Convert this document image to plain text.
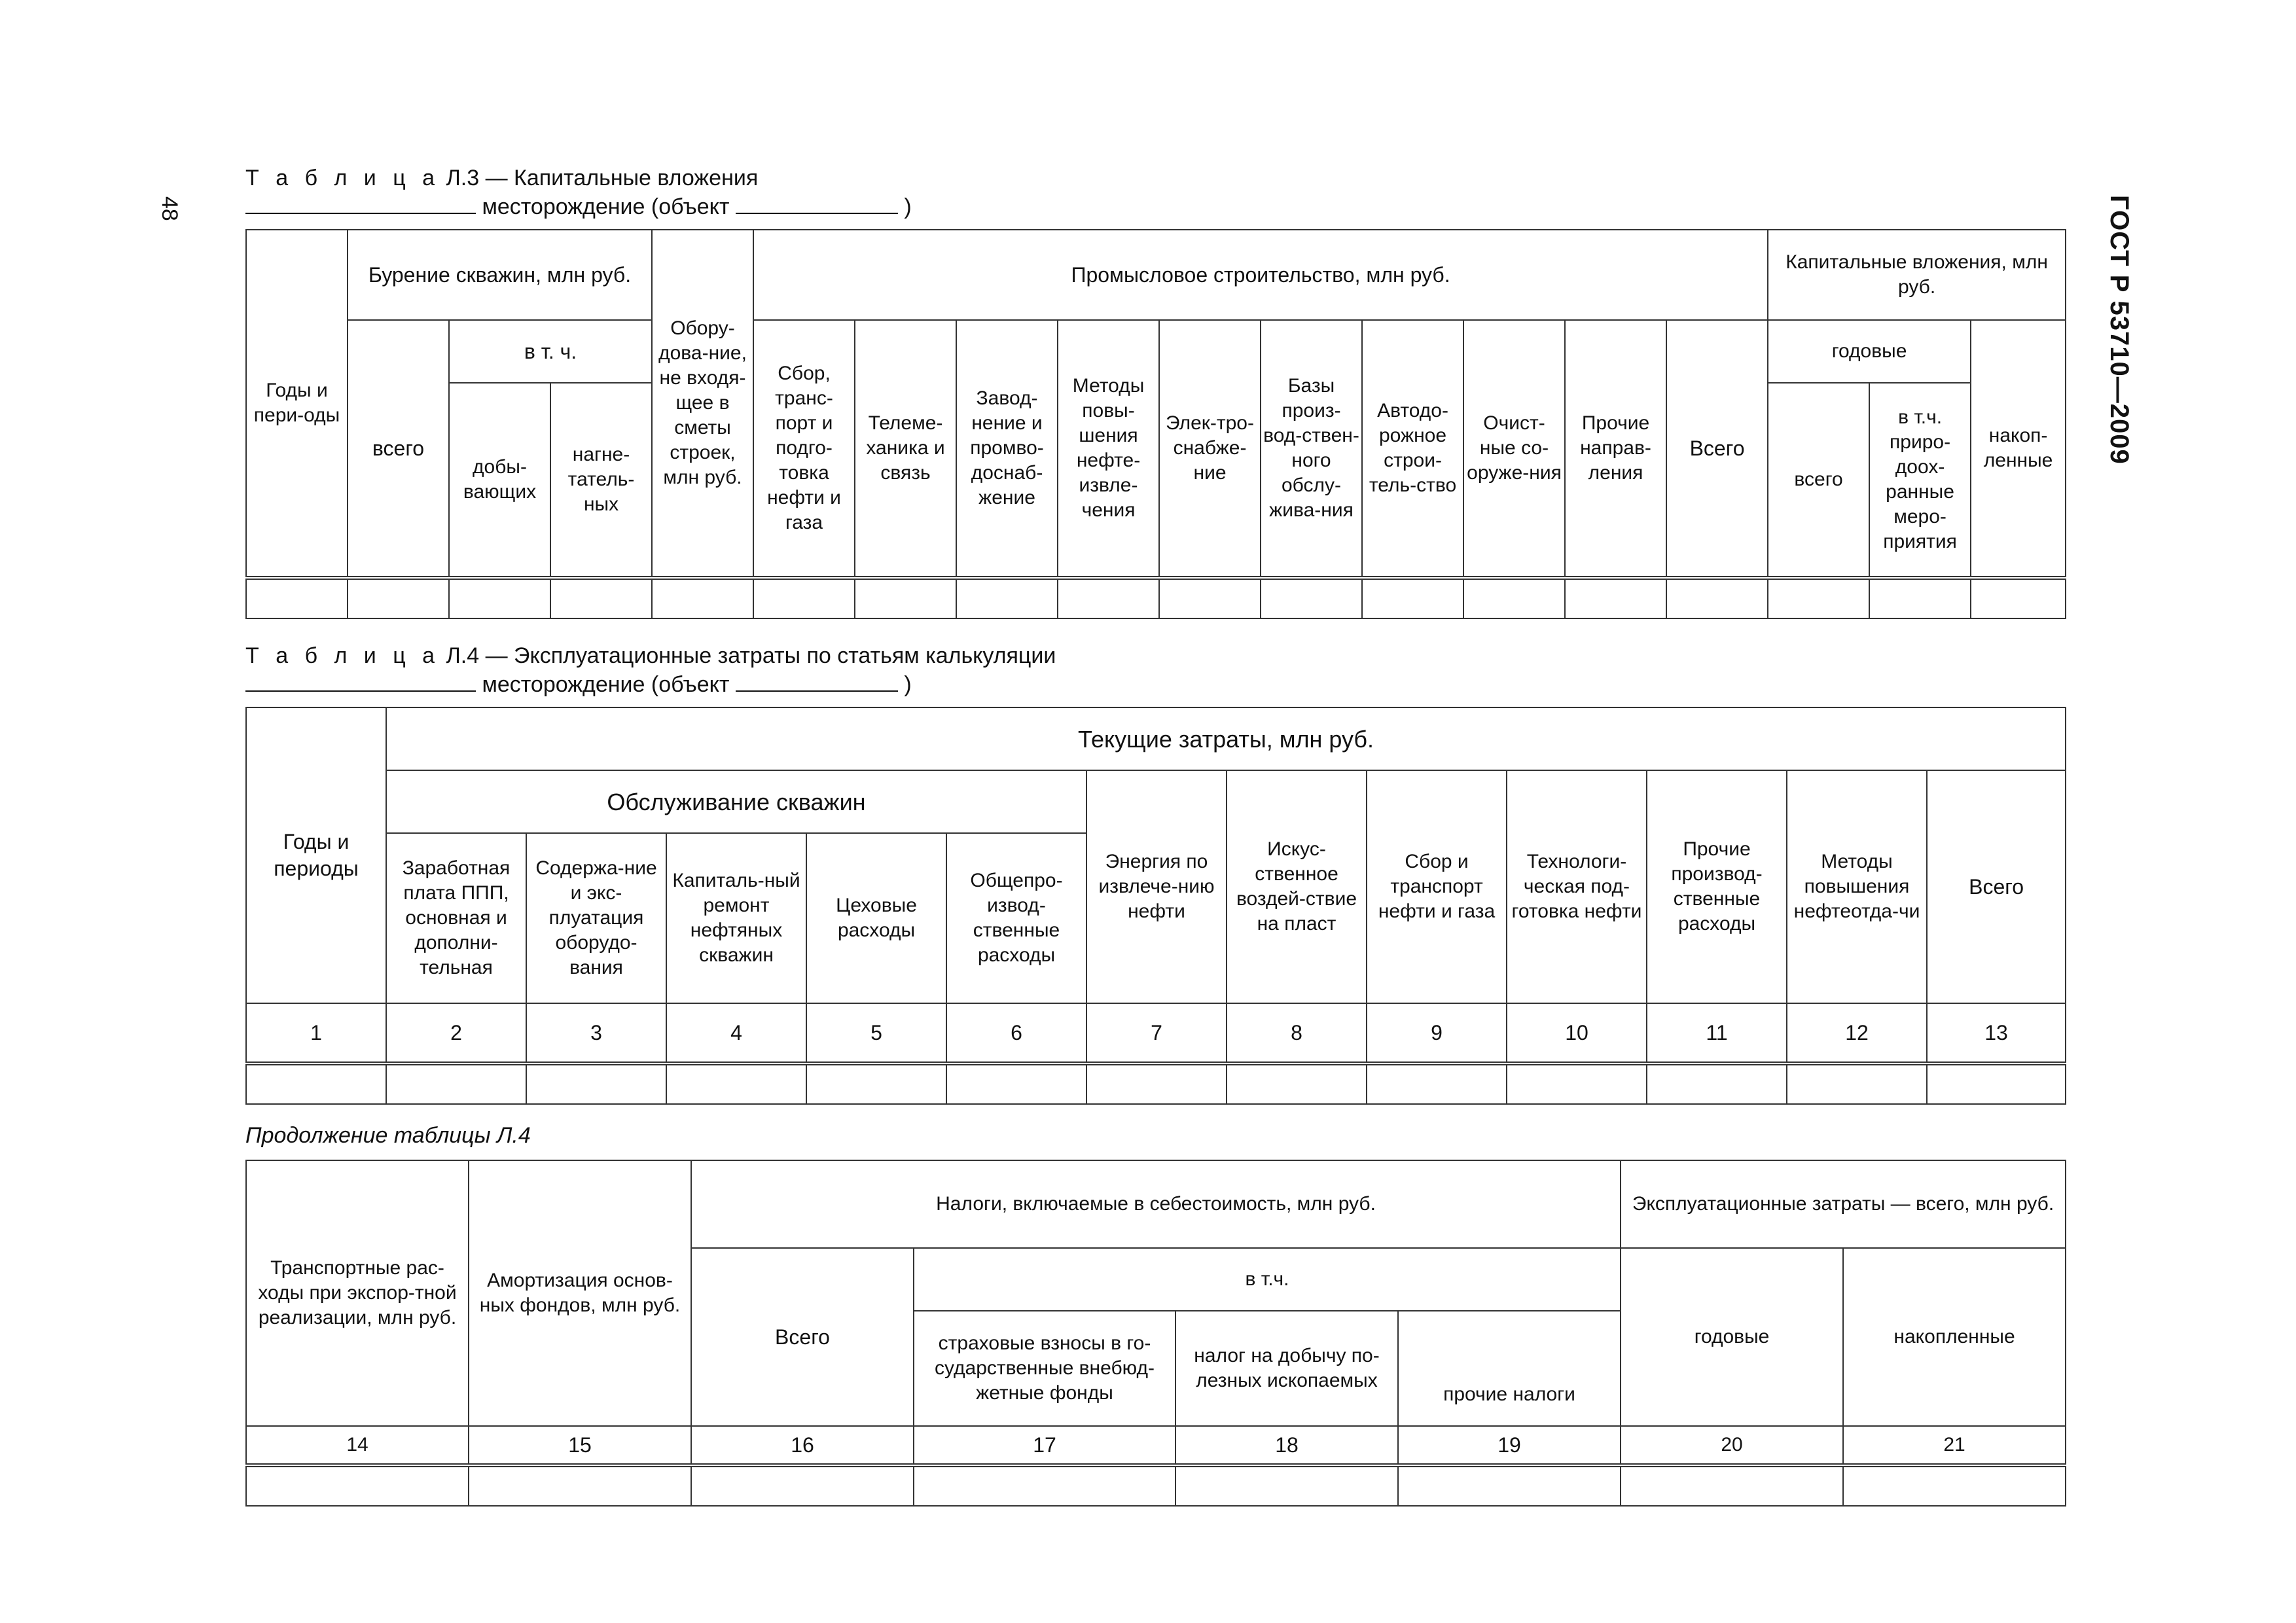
48	ГОСТ Р 53710—2009
Т а б л и ц а Л.3 — Капитальные вложения
месторождение (объект	)
Годы и пери-оды	Бурение скважин, млн руб.			Обору-дова-ние, не входя-щее в сметы строек, млн руб.	Промысловое строительство, млн руб.										Капитальные вложения, млн руб.		
	всего	в т. ч.			Сбор, транс-порт и подго-товка нефти и газа	Телеме-ханика и связь	Завод-нение и промво-доснаб-жение	Методы повы-шения нефте-извле-чения	Элек-тро-снабже-ние	Базы произ-вод-ствен-ного обслу-жива-ния	Автодо-рожное строи-тель-ство	Очист-ные со-оруже-ния	Прочие направ-ления	Всего	годовые		накоп-ленные
		добы-вающих	нагне-татель-ных												всего	в т.ч. приро-доох-ранные меро-приятия	

Т а б л и ц а Л.4 — Эксплуатационные затраты по статьям калькуляции
месторождение (объект	)
Годы и периоды	Текущие затраты, млн руб.											
	Обслуживание скважин					Энергия по извлече-нию нефти	Искус-ственное воздей-ствие на пласт	Сбор и транспорт нефти и газа	Технологи-ческая под-готовка нефти	Прочие производ-ственные расходы	Методы повышения нефтеотда-чи	Всего
	Заработная плата ППП, основная и дополни-тельная	Содержа-ние и экс-плуатация оборудо-вания	Капиталь-ный ремонт нефтяных скважин	Цеховые расходы	Общепро-извод-ственные расходы							
1	2	3	4	5	6	7	8	9	10	11	12	13

Продолжение таблицы Л.4
Транспортные рас-ходы при экспор-тной реализации, млн руб.	Амортизация основ-ных фондов, млн руб.	Налоги, включаемые в себестоимость, млн руб.				Эксплуатационные затраты — всего, млн руб.	
		Всего	в т.ч.			годовые	накопленные
			страховые взносы в го-сударственные внебюд-жетные фонды	налог на добычу по-лезных ископаемых	прочие налоги		
14	15	16	17	18	19	20	21
